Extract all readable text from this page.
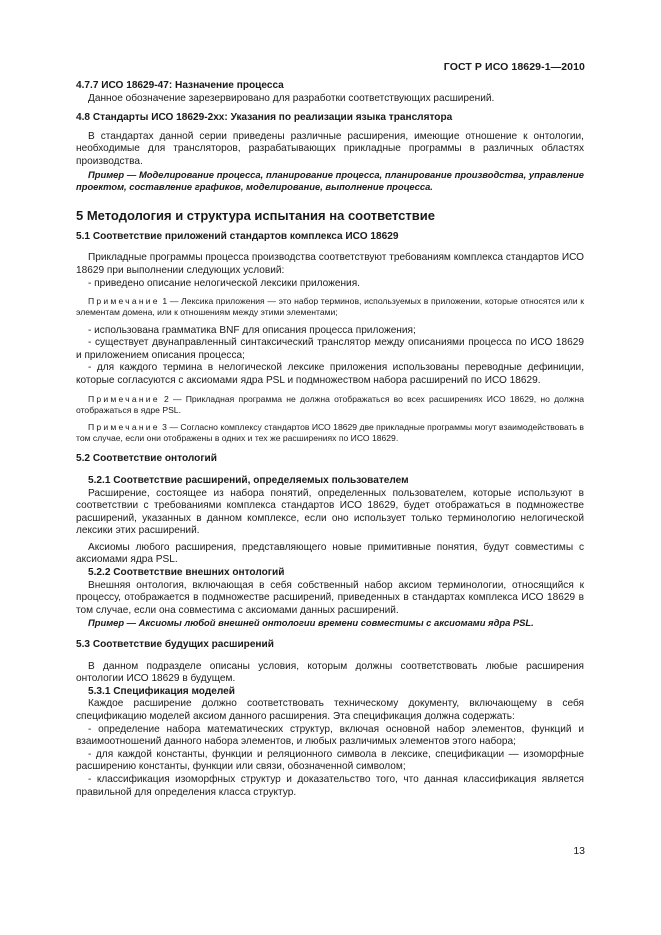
ГОСТ Р ИСО 18629-1—2010

4.7.7 ИСО 18629-47: Назначение процесса

Данное обозначение зарезервировано для разработки соответствующих расширений.

4.8 Стандарты ИСО 18629-2хх: Указания по реализации языка транслятора

В стандартах данной серии приведены различные расширения, имеющие отношение к онтологии, необходимые для трансляторов, разрабатывающих прикладные программы в различных областях производства.

Пример — Моделирование процесса, планирование процесса, планирование производства, управление проектом, составление графиков, моделирование, выполнение процесса.

5 Методология и структура испытания на соответствие

5.1 Соответствие приложений стандартов комплекса ИСО 18629

Прикладные программы процесса производства соответствуют требованиям комплекса стандартов ИСО 18629 при выполнении следующих условий:

- приведено описание нелогической лексики приложения.

Примечание 1 — Лексика приложения — это набор терминов, используемых в приложении, которые относятся или к элементам домена, или к отношениям между этими элементами;

- использована грамматика BNF для описания процесса приложения;

- существует двунаправленный синтаксический транслятор между описаниями процесса по ИСО 18629 и приложением описания процесса;

- для каждого термина в нелогической лексике приложения использованы переводные дефиниции, которые согласуются с аксиомами ядра PSL и подмножеством набора расширений по ИСО 18629.

Примечание 2 — Прикладная программа не должна отображаться во всех расширениях ИСО 18629, но должна отображаться в ядре PSL.

Примечание 3 — Согласно комплексу стандартов ИСО 18629 две прикладные программы могут взаимодействовать в том случае, если они отображены в одних и тех же расширениях по ИСО 18629.

5.2 Соответствие онтологий

5.2.1 Соответствие расширений, определяемых пользователем

Расширение, состоящее из набора понятий, определенных пользователем, которые используют в соответствии с требованиями комплекса стандартов ИСО 18629, будет отображаться в подмножестве расширений, указанных в данном комплексе, если оно использует только терминологию нелогической лексики этих расширений.

Аксиомы любого расширения, представляющего новые примитивные понятия, будут совместимы с аксиомами ядра PSL.

5.2.2 Соответствие внешних онтологий

Внешняя онтология, включающая в себя собственный набор аксиом терминологии, относящийся к процессу, отображается в подмножестве расширений, приведенных в стандартах комплекса ИСО 18629 в том случае, если она совместима с аксиомами данных расширений.

Пример — Аксиомы любой внешней онтологии времени совместимы с аксиомами ядра PSL.

5.3 Соответствие будущих расширений

В данном подразделе описаны условия, которым должны соответствовать любые расширения онтологии ИСО 18629 в будущем.

5.3.1 Спецификация моделей

Каждое расширение должно соответствовать техническому документу, включающему в себя спецификацию моделей аксиом данного расширения. Эта спецификация должна содержать:

- определение набора математических структур, включая основной набор элементов, функций и взаимоотношений данного набора элементов, и любых различимых элементов этого набора;

- для каждой константы, функции и реляционного символа в лексике, спецификации — изоморфные расширению константы, функции или связи, обозначенной символом;

- классификация изоморфных структур и доказательство того, что данная классификация является правильной для определения класса структур.

13
